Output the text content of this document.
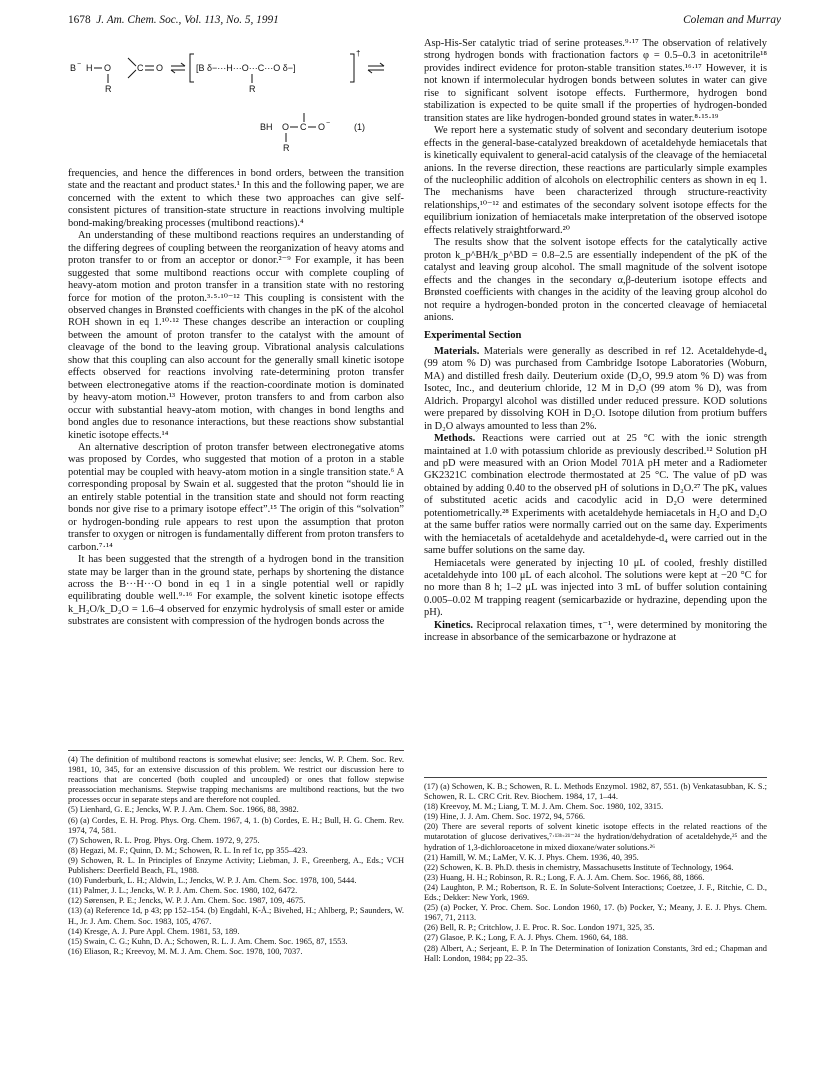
1678 J. Am. Chem. Soc., Vol. 113, No. 5, 1991	Coleman and Murray
B − H O
R
C O	[B δ−···H···O···C···O δ−]
R
†
BH O C O −
R
(1)

frequencies, and hence the differences in bond orders, between the transition state and the reactant and product states.¹ In this and the following paper, we are concerned with the extent to which these two approaches can give self-consistent pictures of transition-state structure in reactions involving multiple bond-making/breaking processes (multibond reactions).⁴

An understanding of these multibond reactions requires an understanding of the differing degrees of coupling between the reorganization of heavy atoms and proton transfer to or from an acceptor or donor.²⁻⁹ For example, it has been suggested that some multibond reactions occur with complete coupling of heavy-atom motion and proton transfer in a transition state with no restoring force for motion of the proton.³·⁵·¹⁰⁻¹² This coupling is consistent with the observed changes in Brønsted coefficients with changes in the pK of the alcohol ROH shown in eq 1.¹⁰·¹² These changes describe an interaction or coupling between the amount of proton transfer to the catalyst with the amount of cleavage of the bond to the leaving group. Vibrational analysis calculations show that this coupling can also account for the generally small kinetic isotope effects observed for reactions involving rate-determining proton transfer between electronegative atoms if the reaction-coordinate motion is dominated by heavy-atom motion.¹³ However, proton transfers to and from carbon also occur with substantial heavy-atom motion, with changes in bond lengths and bond angles due to resonance interactions, but these reactions show substantial kinetic isotope effects.¹⁴

An alternative description of proton transfer between electronegative atoms was proposed by Cordes, who suggested that motion of a proton in a stable potential may be coupled with heavy-atom motion in a single transition state.⁶ A corresponding proposal by Swain et al. suggested that the proton “should lie in an entirely stable potential in the transition state and should not form reacting bonds nor give rise to a primary isotope effect”.¹⁵ The origin of this “solvation” or hydrogen-bonding rule appears to rest upon the assumption that proton transfer to oxygen or nitrogen is fundamentally different from proton transfers to carbon.⁷·¹⁴

It has been suggested that the strength of a hydrogen bond in the transition state may be larger than in the ground state, perhaps by shortening the distance across the B···H···O bond in eq 1 in a single potential well or rapidly equilibrating double well.⁹·¹⁶ For example, the solvent kinetic isotope effects k_H₂O/k_D₂O = 1.6–4 observed for enzymic hydrolysis of small ester or amide substrates are consistent with compression of the hydrogen bonds across the

Asp-His-Ser catalytic triad of serine proteases.⁹·¹⁷ The observation of relatively strong hydrogen bonds with fractionation factors φ = 0.5–0.3 in acetonitrile¹⁸ provides indirect evidence for proton-stable transition states.¹⁶·¹⁷ However, it is not known if intermolecular hydrogen bonds between solutes in water can give rise to significant solvent isotope effects. Furthermore, hydrogen bond stabilization is expected to be quite small if the properties of hydrogen-bonded transition states are like hydrogen-bonded ground states in water.⁸·¹⁵·¹⁹

We report here a systematic study of solvent and secondary deuterium isotope effects in the general-base-catalyzed breakdown of acetaldehyde hemiacetals that is kinetically equivalent to general-acid catalysis of the cleavage of the hemiacetal anions. In the reverse direction, these reactions are particularly simple examples of the nucleophilic addition of alcohols on electrophilic centers as shown in eq 1. The mechanisms have been characterized through structure-reactivity relationships,¹⁰⁻¹² and estimates of the secondary solvent isotope effects for the equilibrium ionization of hemiacetals make interpretation of the observed isotope effects relatively straightforward.²⁰

The results show that the solvent isotope effects for the catalytically active proton k_p^BH/k_p^BD = 0.8–2.5 are essentially independent of the pK of the catalyst and leaving group alcohol. The small magnitude of the solvent isotope effects and the changes in the secondary α,β-deuterium isotope effects and Brønsted coefficients with changes in the acidity of the leaving group alcohol do not require a hydrogen-bonded proton in the concerted cleavage of hemiacetal anions.

Experimental Section

Materials. Materials were generally as described in ref 12. Acetaldehyde-d₄ (99 atom % D) was purchased from Cambridge Isotope Laboratories (Woburn, MA) and distilled fresh daily. Deuterium oxide (D₂O, 99.9 atom % D) was from Isotec, Inc., and deuterium chloride, 12 M in D₂O (99 atom % D), was from Aldrich. Propargyl alcohol was distilled under reduced pressure. KOD solutions were prepared by dissolving KOH in D₂O. Isotope dilution from protium buffers in D₂O always amounted to less than 2%.

Methods. Reactions were carried out at 25 °C with the ionic strength maintained at 1.0 with potassium chloride as previously described.¹² Solution pH and pD were measured with an Orion Model 701A pH meter and a Radiometer GK2321C combination electrode thermostated at 25 °C. The value of pD was obtained by adding 0.40 to the observed pH of solutions in D₂O.²⁷ The pKₐ values of substituted acetic acids and cacodylic acid in D₂O were determined potentiometrically.²⁸ Experiments with acetaldehyde hemiacetals in H₂O and D₂O at the same buffer ratios were normally carried out on the same day. Experiments with the hemiacetals of acetaldehyde and acetaldehyde-d₄ were carried out in the same buffer solutions on the same day.

Hemiacetals were generated by injecting 10 μL of cooled, freshly distilled acetaldehyde into 100 μL of each alcohol. The solutions were kept at −20 °C for no more than 8 h; 1–2 μL was injected into 3 mL of buffer solution containing 0.005–0.02 M trapping reagent (semicarbazide or hydrazine, depending upon the pH).

Kinetics. Reciprocal relaxation times, τ⁻¹, were determined by monitoring the increase in absorbance of the semicarbazone or hydrazone at

(4) The definition of multibond reactons is somewhat elusive; see: Jencks, W. P. Chem. Soc. Rev. 1981, 10, 345, for an extensive discussion of this problem. We restrict our discussion here to reactions that are concerted (both coupled and uncoupled) or ones that follow stepwise preassociation mechanisms. Stepwise trapping mechanisms are multibond reactions, but the two processes occur in separate steps and are therefore not coupled.

(5) Lienhard, G. E.; Jencks, W. P. J. Am. Chem. Soc. 1966, 88, 3982.

(6) (a) Cordes, E. H. Prog. Phys. Org. Chem. 1967, 4, 1. (b) Cordes, E. H.; Bull, H. G. Chem. Rev. 1974, 74, 581.

(7) Schowen, R. L. Prog. Phys. Org. Chem. 1972, 9, 275.

(8) Hegazi, M. F.; Quinn, D. M.; Schowen, R. L. In ref 1c, pp 355–423.

(9) Schowen, R. L. In Principles of Enzyme Activity; Liebman, J. F., Greenberg, A., Eds.; VCH Publishers: Deerfield Beach, FL, 1988.

(10) Funderburk, L. H.; Aldwin, L.; Jencks, W. P. J. Am. Chem. Soc. 1978, 100, 5444.

(11) Palmer, J. L.; Jencks, W. P. J. Am. Chem. Soc. 1980, 102, 6472.

(12) Sørensen, P. E.; Jencks, W. P. J. Am. Chem. Soc. 1987, 109, 4675.

(13) (a) Reference 1d, p 43; pp 152–154. (b) Engdahl, K-Å.; Bivehed, H.; Ahlberg, P.; Saunders, W. H., Jr. J. Am. Chem. Soc. 1983, 105, 4767.

(14) Kresge, A. J. Pure Appl. Chem. 1981, 53, 189.

(15) Swain, C. G.; Kuhn, D. A.; Schowen, R. L. J. Am. Chem. Soc. 1965, 87, 1553.

(16) Eliason, R.; Kreevoy, M. M. J. Am. Chem. Soc. 1978, 100, 7037.

(17) (a) Schowen, K. B.; Schowen, R. L. Methods Enzymol. 1982, 87, 551. (b) Venkatasubban, K. S.; Schowen, R. L. CRC Crit. Rev. Biochem. 1984, 17, 1–44.

(18) Kreevoy, M. M.; Liang, T. M. J. Am. Chem. Soc. 1980, 102, 3315.

(19) Hine, J. J. Am. Chem. Soc. 1972, 94, 5766.

(20) There are several reports of solvent kinetic isotope effects in the related reactions of the mutarotation of glucose derivatives,⁷·¹³ᵇ·²¹⁻²⁴ the hydration/dehydration of acetaldehyde,²⁵ and the hydration of 1,3-dichloroacetone in mixed dioxane/water solutions.²⁶

(21) Hamill, W. M.; LaMer, V. K. J. Phys. Chem. 1936, 40, 395.

(22) Schowen, K. B. Ph.D. thesis in chemistry, Massachusetts Institute of Technology, 1964.

(23) Huang, H. H.; Robinson, R. R.; Long, F. A. J. Am. Chem. Soc. 1966, 88, 1866.

(24) Laughton, P. M.; Robertson, R. E. In Solute-Solvent Interactions; Coetzee, J. F., Ritchie, C. D., Eds.; Dekker: New York, 1969.

(25) (a) Pocker, Y. Proc. Chem. Soc. London 1960, 17. (b) Pocker, Y.; Meany, J. E. J. Phys. Chem. 1967, 71, 2113.

(26) Bell, R. P.; Critchlow, J. E. Proc. R. Soc. London 1971, 325, 35.

(27) Glasoe, P. K.; Long, F. A. J. Phys. Chem. 1960, 64, 188.

(28) Albert, A.; Serjeant, E. P. In The Determination of Ionization Constants, 3rd ed.; Chapman and Hall: London, 1984; pp 22–35.
